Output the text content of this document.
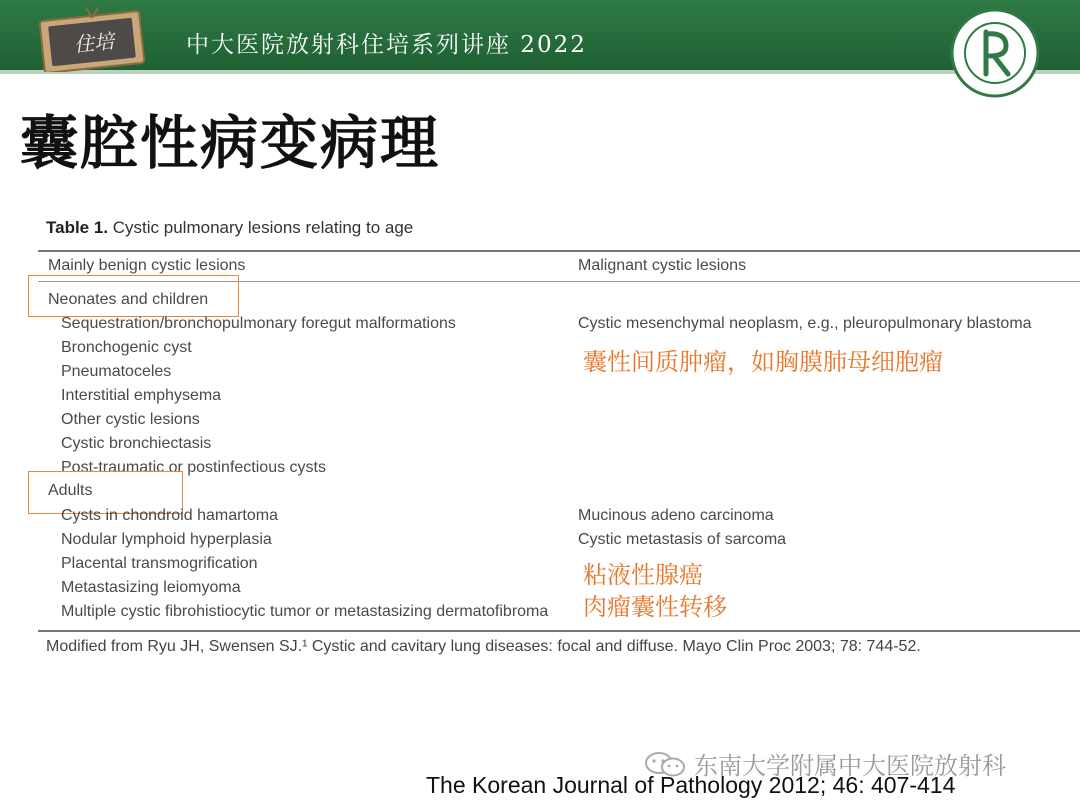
住培	中大医院放射科住培系列讲座 2022
囊腔性病变病理
Table 1. Cystic pulmonary lesions relating to age
Mainly benign cystic lesions	Malignant cystic lesions
Neonates and children
Sequestration/bronchopulmonary foregut malformations
Bronchogenic cyst
Pneumatoceles
Interstitial emphysema
Other cystic lesions
Cystic bronchiectasis
Post-traumatic or postinfectious cysts
Cystic mesenchymal neoplasm, e.g., pleuropulmonary blastoma
囊性间质肿瘤，如胸膜肺母细胞瘤
Adults
Cysts in chondroid hamartoma
Nodular lymphoid hyperplasia
Placental transmogrification
Metastasizing leiomyoma
Multiple cystic fibrohistiocytic tumor or metastasizing dermatofibroma
Mucinous adeno carcinoma
Cystic metastasis of sarcoma
粘液性腺癌
肉瘤囊性转移
Modified from Ryu JH, Swensen SJ.¹ Cystic and cavitary lung diseases: focal and diffuse. Mayo Clin Proc 2003; 78: 744-52.
东南大学附属中大医院放射科
The Korean Journal of Pathology 2012; 46: 407-414
